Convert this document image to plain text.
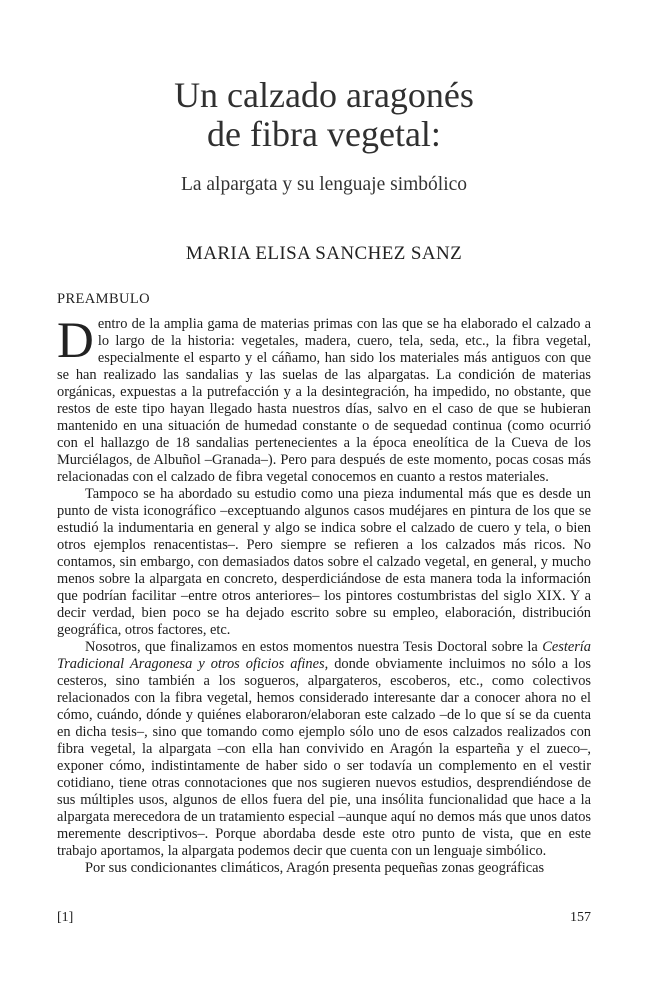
Un calzado aragonés
de fibra vegetal:

La alpargata y su lenguaje simbólico

MARIA ELISA SANCHEZ SANZ

PREAMBULO

Dentro de la amplia gama de materias primas con las que se ha elaborado el calzado a lo largo de la historia: vegetales, madera, cuero, tela, seda, etc., la fibra vegetal, especialmente el esparto y el cáñamo, han sido los materiales más antiguos con que se han realizado las sandalias y las suelas de las alpargatas. La condición de materias orgánicas, expuestas a la putrefacción y a la desintegración, ha impedido, no obstante, que restos de este tipo hayan llegado hasta nuestros días, salvo en el caso de que se hubieran mantenido en una situación de humedad constante o de sequedad continua (como ocurrió con el hallazgo de 18 sandalias pertenecientes a la época eneolítica de la Cueva de los Murciélagos, de Albuñol –Granada–). Pero para después de este momento, pocas cosas más relacionadas con el calzado de fibra vegetal conocemos en cuanto a restos materiales.

Tampoco se ha abordado su estudio como una pieza indumental más que es desde un punto de vista iconográfico –exceptuando algunos casos mudéjares en pintura de los que se estudió la indumentaria en general y algo se indica sobre el calzado de cuero y tela, o bien otros ejemplos renacentistas–. Pero siempre se refieren a los calzados más ricos. No contamos, sin embargo, con demasiados datos sobre el calzado vegetal, en general, y mucho menos sobre la alpargata en concreto, desperdiciándose de esta manera toda la información que podrían facilitar –entre otros anteriores– los pintores costumbristas del siglo XIX. Y a decir verdad, bien poco se ha dejado escrito sobre su empleo, elaboración, distribución geográfica, otros factores, etc.

Nosotros, que finalizamos en estos momentos nuestra Tesis Doctoral sobre la Cestería Tradicional Aragonesa y otros oficios afines, donde obviamente incluimos no sólo a los cesteros, sino también a los sogueros, alpargateros, escoberos, etc., como colectivos relacionados con la fibra vegetal, hemos considerado interesante dar a conocer ahora no el cómo, cuándo, dónde y quiénes elaboraron/elaboran este calzado –de lo que sí se da cuenta en dicha tesis–, sino que tomando como ejemplo sólo uno de esos calzados realizados con fibra vegetal, la alpargata –con ella han convivido en Aragón la esparteña y el zueco–, exponer cómo, indistintamente de haber sido o ser todavía un complemento en el vestir cotidiano, tiene otras connotaciones que nos sugieren nuevos estudios, desprendiéndose de sus múltiples usos, algunos de ellos fuera del pie, una insólita funcionalidad que hace a la alpargata merecedora de un tratamiento especial –aunque aquí no demos más que unos datos meremente descriptivos–. Porque abordaba desde este otro punto de vista, que en este trabajo aportamos, la alpargata podemos decir que cuenta con un lenguaje simbólico.

Por sus condicionantes climáticos, Aragón presenta pequeñas zonas geográficas

[1]	157
